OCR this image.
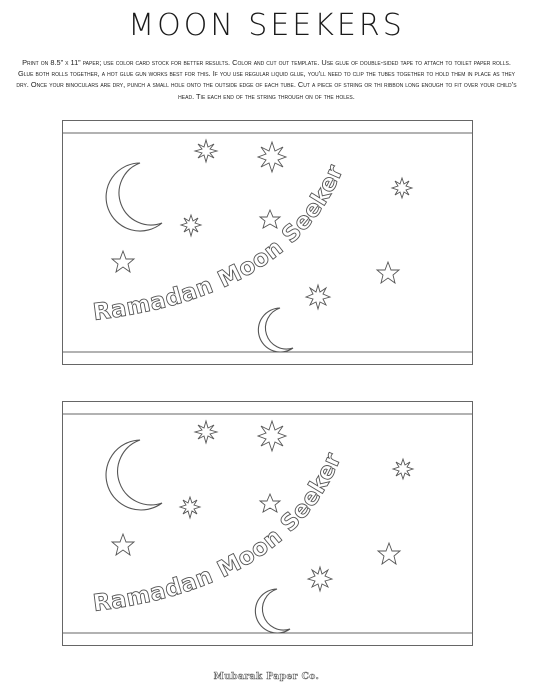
MOON SEEKERS
Print on 8.5” x 11” paper; use color card stock for better results. Color and cut out template. Use glue of double-sided tape to attach to toilet paper rolls. Glue both rolls together, a hot glue gun works best for this. If you use regular liquid glue, you’ll need to clip the tubes together to hold them in place as they dry. Once your binoculars are dry, punch a small hole onto the outside edge of each tube. Cut a piece of string or thi ribbon long enough to fit over your child’s head. Tie each end of the string through on of the holes.
Ramadan Moon Seeker
Ramadan Moon Seeker
Mubarak Paper Co.
